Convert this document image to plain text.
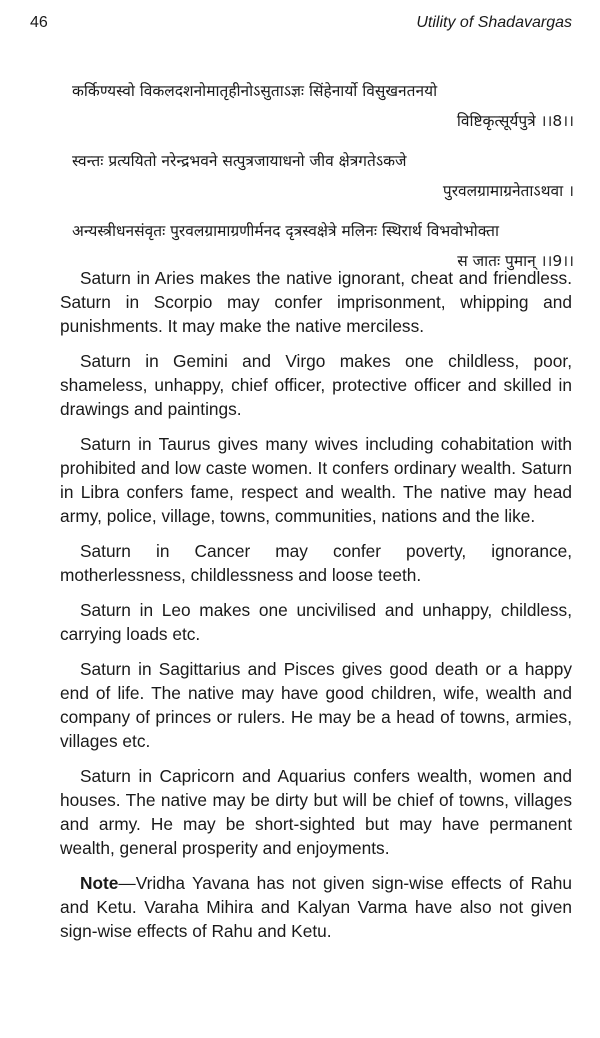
46	Utility of Shadavargas
कर्किण्यस्वो विकलदशनोमातृहीनोऽसुताऽज्ञः सिंहेनार्यो विसुखनतनयो
विष्टिकृत्सूर्यपुत्रे ।।8।।
स्वन्तः प्रत्ययितो नरेन्द्रभवने सत्पुत्रजायाधनो जीव क्षेत्रगतेऽकजे
पुरवलग्रामाग्रनेताऽथवा ।
अन्यस्त्रीधनसंवृतः पुरवलग्रामाग्रणीर्मनद दृत्रस्वक्षेत्रे मलिनः स्थिरार्थ विभवोभोक्ता
स जातः पुमान् ।।9।।

Saturn in Aries makes the native ignorant, cheat and friendless. Saturn in Scorpio may confer imprisonment, whipping and punishments. It may make the native merciless.

Saturn in Gemini and Virgo makes one childless, poor, shameless, unhappy, chief officer, protective officer and skilled in drawings and paintings.

Saturn in Taurus gives many wives including cohabitation with prohibited and low caste women. It confers ordinary wealth. Saturn in Libra confers fame, respect and wealth. The native may head army, police, village, towns, communities, nations and the like.

Saturn in Cancer may confer poverty, ignorance, motherlessness, childlessness and loose teeth.

Saturn in Leo makes one uncivilised and unhappy, childless, carrying loads etc.

Saturn in Sagittarius and Pisces gives good death or a happy end of life. The native may have good children, wife, wealth and company of princes or rulers. He may be a head of towns, armies, villages etc.

Saturn in Capricorn and Aquarius confers wealth, women and houses. The native may be dirty but will be chief of towns, villages and army. He may be short-sighted but may have permanent wealth, general prosperity and enjoyments.

Note—Vridha Yavana has not given sign-wise effects of Rahu and Ketu. Varaha Mihira and Kalyan Varma have also not given sign-wise effects of Rahu and Ketu.
